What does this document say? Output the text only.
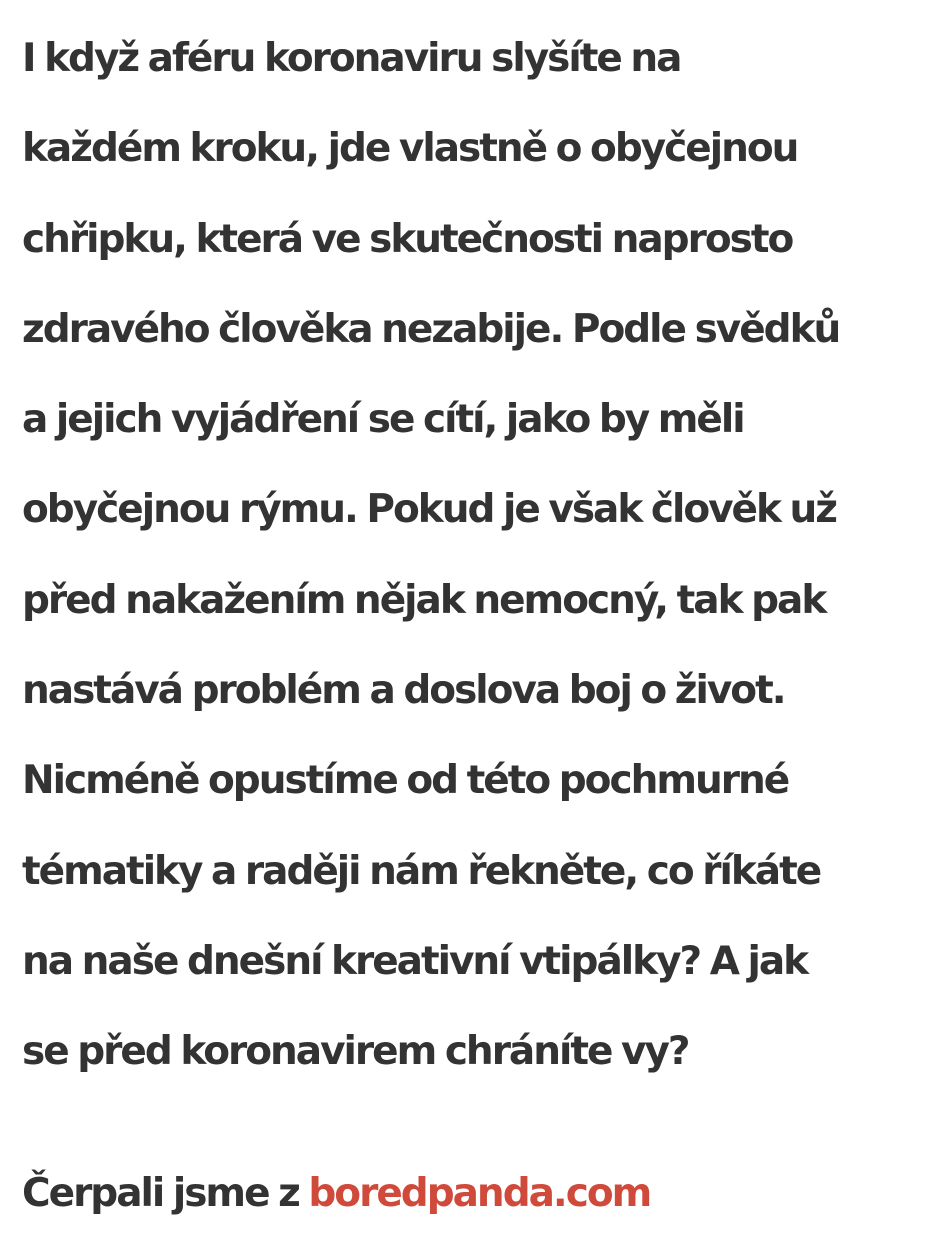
I když aféru koronaviru slyšíte na
každém kroku, jde vlastně o obyčejnou
chřipku, která ve skutečnosti naprosto
zdravého člověka nezabije. Podle svědků
a jejich vyjádření se cítí, jako by měli
obyčejnou rýmu. Pokud je však člověk už
před nakažením nějak nemocný, tak pak
nastává problém a doslova boj o život.
Nicméně opustíme od této pochmurné
tématiky a raději nám řekněte, co říkáte
na naše dnešní kreativní vtipálky? A jak
se před koronavirem chráníte vy?

Čerpali jsme z boredpanda.com
